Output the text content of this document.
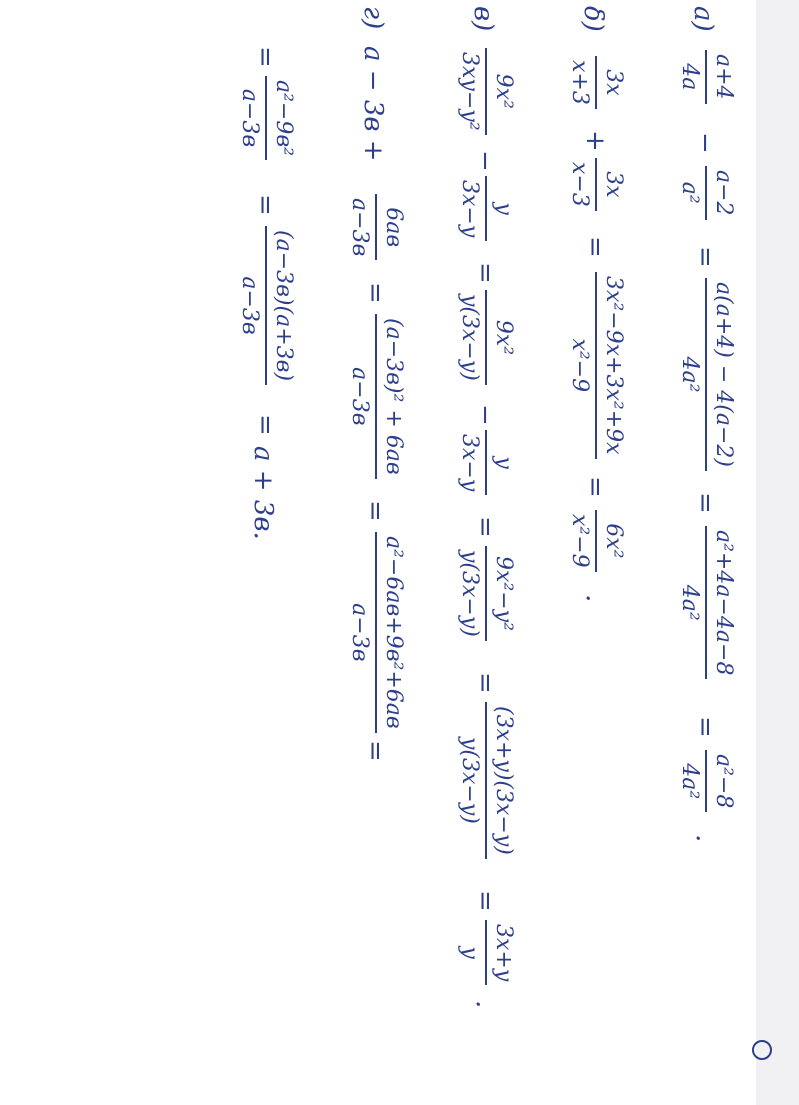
a)
a+4
4a
−
a−2
a²
=
a(a+4) − 4(a−2)
4a²
=
a²+4a−4a−8
4a²
=
a²−8
4a²
.
δ)
3x
x+3
+
3x
x−3
=
3x²−9x+3x²+9x
x²−9
=
6x²
x²−9
.
в)
9x²
3xy−y²
−
y
3x−y
=
9x²
y(3x−y)
−
y
3x−y
=
9x²−y²
y(3x−y)
=
(3x+y)(3x−y)
y(3x−y)
=
3x+y
y
.
г)
a − 3в +
6aв
a−3в
=
(a−3в)² + 6aв
a−3в
=
a²−6aв+9в²+6aв
a−3в
=
=
a²−9в²
a−3в
=
(a−3в)(a+3в)
a−3в
=
a + 3в.
